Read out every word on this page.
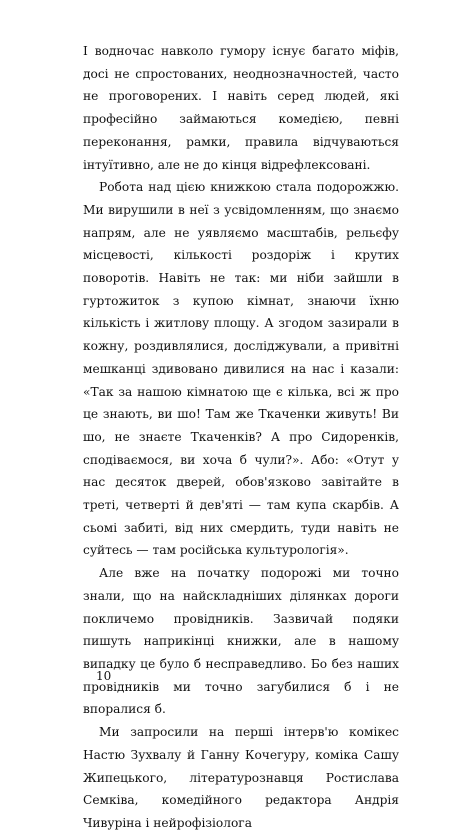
І водночас навколо гумору існує багато міфів, досі не спростованих, неоднозначностей, часто не проговорених. І навіть серед людей, які професійно займаються комедією, певні переконання, рамки, правила відчуваються інтуїтивно, але не до кінця відрефлексовані.

Робота над цією книжкою стала подорожжю. Ми вирушили в неї з усвідомленням, що знаємо напрям, але не уявляємо масштабів, рельєфу місцевості, кількості роздоріж і крутих поворотів. Навіть не так: ми ніби зайшли в гуртожиток з купою кімнат, знаючи їхню кількість і житлову площу. А згодом зазирали в кожну, роздивлялися, досліджували, а привітні мешканці здивовано дивилися на нас і казали: «Так за нашою кімнатою ще є кілька, всі ж про це знають, ви шо! Там же Ткаченки живуть! Ви шо, не знаєте Ткаченків? А про Сидоренків, сподіваємося, ви хоча б чули?». Або: «Отут у нас десяток дверей, обов'язково завітайте в треті, четверті й дев'яті — там купа скарбів. А сьомі забиті, від них смердить, туди навіть не суйтесь — там російська культурологія».

Але вже на початку подорожі ми точно знали, що на найскладніших ділянках дороги покличемо провідників. Зазвичай подяки пишуть наприкінці книжки, але в нашому випадку це було б несправедливо. Бо без наших провідників ми точно загубилися б і не впоралися б.

Ми запросили на перші інтерв'ю комікес Настю Зухвалу й Ганну Кочегуру, коміка Сашу Жипецького, літературознавця Ростислава Семківа, комедійного редактора Андрія Чивуріна і нейрофізіолога

10
